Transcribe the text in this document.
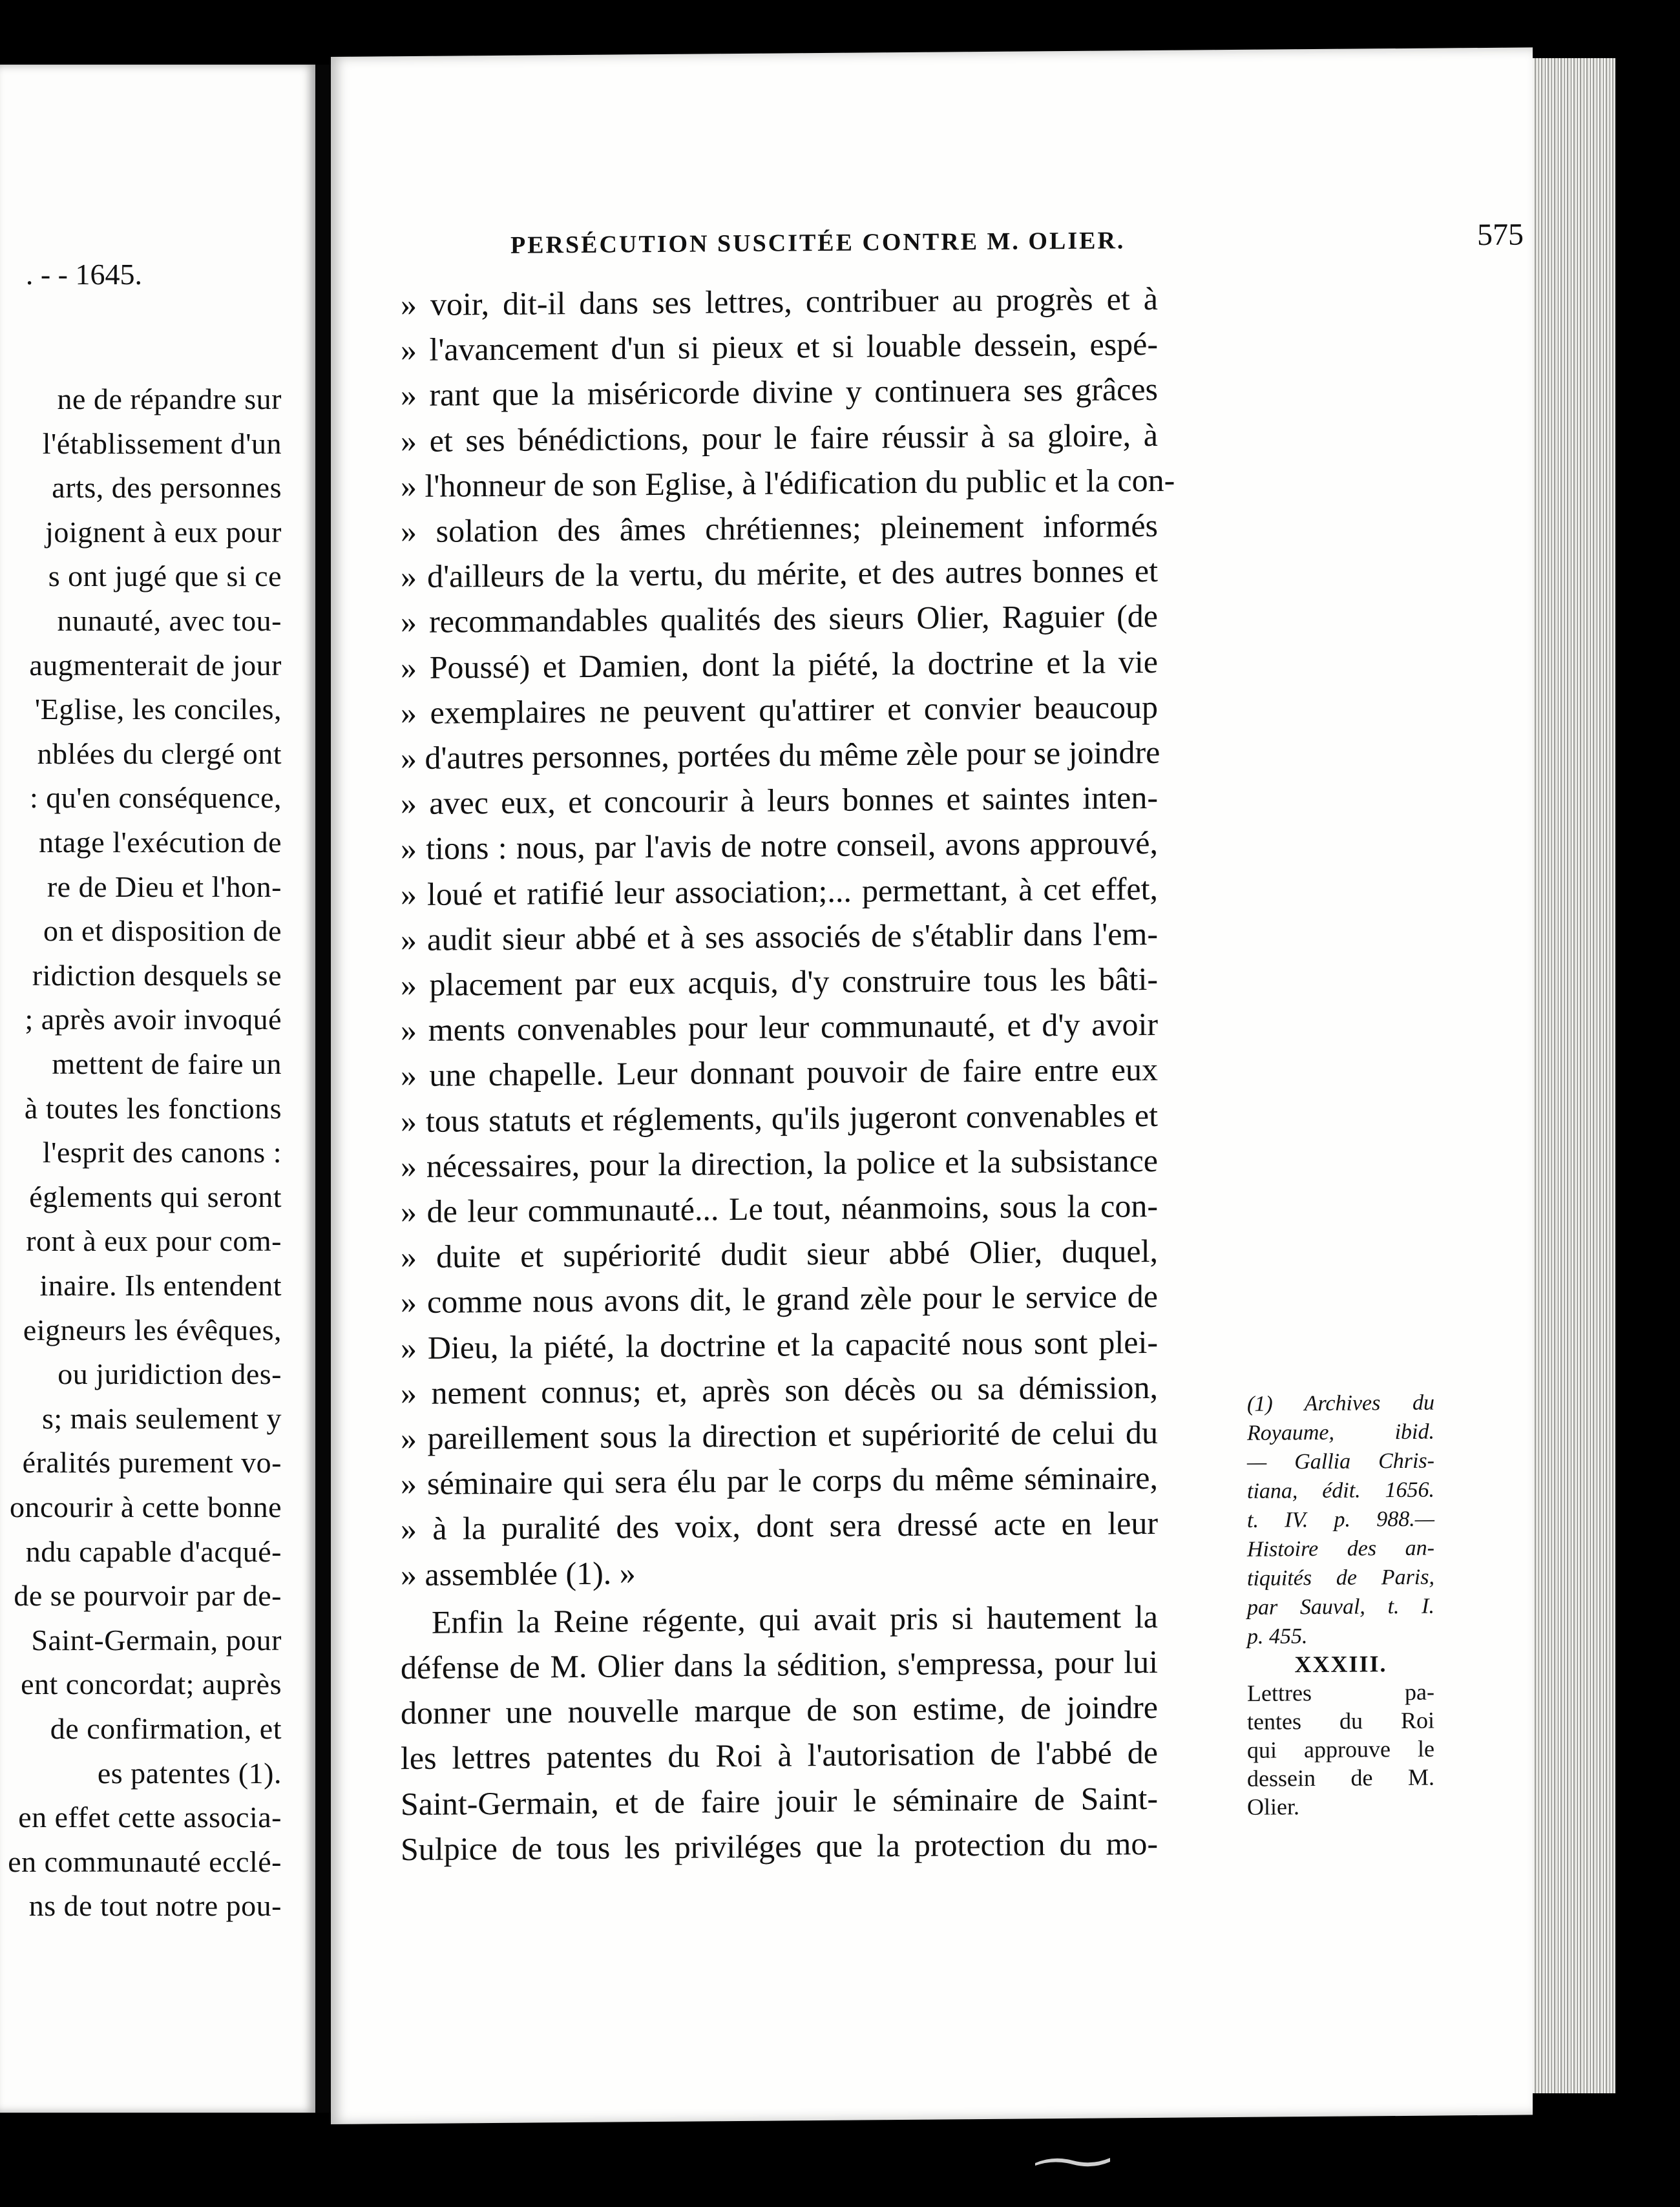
. - - 1645.
ne de répandre sur
l'établissement d'un
arts, des personnes
joignent à eux pour
s ont jugé que si ce
nunauté, avec tou-
augmenterait de jour
'Eglise, les conciles,
nblées du clergé ont
: qu'en conséquence,
ntage l'exécution de
re de Dieu et l'hon-
on et disposition de
ridiction desquels se
; après avoir invoqué
mettent de faire un
à toutes les fonctions
l'esprit des canons :
églements qui seront
ront à eux pour com-
inaire. Ils entendent
eigneurs les évêques,
ou juridiction des-
s; mais seulement y
éralités purement vo-
oncourir à cette bonne
ndu capable d'acqué-
de se pourvoir par de-
Saint-Germain, pour
ent concordat; auprès
de confirmation, et
es patentes (1).
en effet cette associa-
en communauté ecclé-
ns de tout notre pou-
PERSÉCUTION SUSCITÉE CONTRE M. OLIER.	575
» voir, dit-il dans ses lettres, contribuer au progrès et à
» l'avancement d'un si pieux et si louable dessein, espé-
» rant que la miséricorde divine y continuera ses grâces
» et ses bénédictions, pour le faire réussir à sa gloire, à
» l'honneur de son Eglise, à l'édification du public et la con-
» solation des âmes chrétiennes; pleinement informés
» d'ailleurs de la vertu, du mérite, et des autres bonnes et
» recommandables qualités des sieurs Olier, Raguier (de
» Poussé) et Damien, dont la piété, la doctrine et la vie
» exemplaires ne peuvent qu'attirer et convier beaucoup
» d'autres personnes, portées du même zèle pour se joindre
» avec eux, et concourir à leurs bonnes et saintes inten-
» tions : nous, par l'avis de notre conseil, avons approuvé,
» loué et ratifié leur association;... permettant, à cet effet,
» audit sieur abbé et à ses associés de s'établir dans l'em-
» placement par eux acquis, d'y construire tous les bâti-
» ments convenables pour leur communauté, et d'y avoir
» une chapelle. Leur donnant pouvoir de faire entre eux
» tous statuts et réglements, qu'ils jugeront convenables et
» nécessaires, pour la direction, la police et la subsistance
» de leur communauté... Le tout, néanmoins, sous la con-
» duite et supériorité dudit sieur abbé Olier, duquel,
» comme nous avons dit, le grand zèle pour le service de
» Dieu, la piété, la doctrine et la capacité nous sont plei-
» nement connus; et, après son décès ou sa démission,
» pareillement sous la direction et supériorité de celui du
» séminaire qui sera élu par le corps du même séminaire,
» à la puralité des voix, dont sera dressé acte en leur
» assemblée (1). »
Enfin la Reine régente, qui avait pris si hautement la
défense de M. Olier dans la sédition, s'empressa, pour lui
donner une nouvelle marque de son estime, de joindre
les lettres patentes du Roi à l'autorisation de l'abbé de
Saint-Germain, et de faire jouir le séminaire de Saint-
Sulpice de tous les priviléges que la protection du mo-
(1) Archives du
Royaume, ibid.
— Gallia Chris-
tiana, édit. 1656.
t. IV. p. 988.—
Histoire des an-
tiquités de Paris,
par Sauval, t. I.
p. 455.
XXXIII.
Lettres pa-
tentes du Roi
qui approuve le
dessein de M.
Olier.
